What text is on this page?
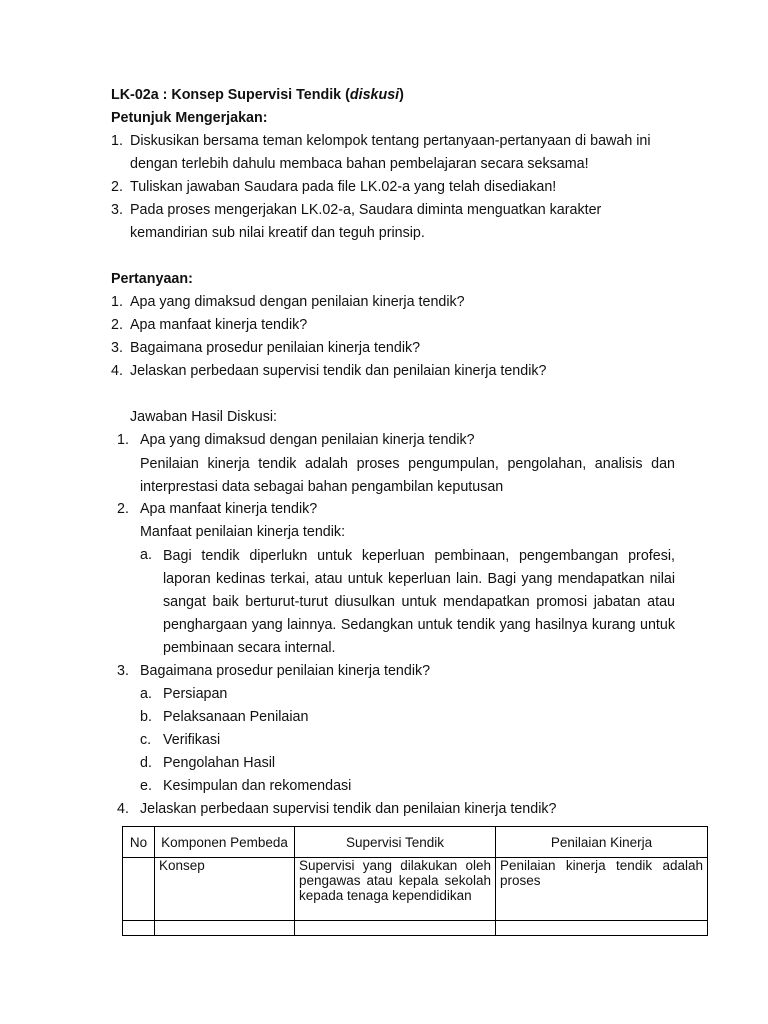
LK-02a : Konsep Supervisi Tendik (diskusi)
Petunjuk Mengerjakan:
1. Diskusikan bersama teman kelompok tentang pertanyaan-pertanyaan di bawah ini
dengan terlebih dahulu membaca bahan pembelajaran secara seksama!
2. Tuliskan jawaban Saudara pada file LK.02-a yang telah disediakan!
3. Pada proses mengerjakan LK.02-a, Saudara diminta menguatkan karakter
kemandirian sub nilai kreatif dan teguh prinsip.
Pertanyaan:
1. Apa yang dimaksud dengan penilaian kinerja tendik?
2. Apa manfaat kinerja tendik?
3. Bagaimana prosedur penilaian kinerja tendik?
4. Jelaskan perbedaan supervisi tendik dan penilaian kinerja tendik?
Jawaban Hasil Diskusi:
1. Apa yang dimaksud dengan penilaian kinerja tendik?
Penilaian kinerja tendik adalah proses pengumpulan, pengolahan, analisis dan interprestasi data sebagai bahan pengambilan keputusan
2. Apa manfaat kinerja tendik?
Manfaat penilaian kinerja tendik:
a. Bagi tendik diperlukn untuk keperluan pembinaan, pengembangan profesi, laporan kedinas terkai, atau untuk keperluan lain. Bagi yang mendapatkan nilai sangat baik berturut-turut diusulkan untuk mendapatkan promosi jabatan atau penghargaan yang lainnya. Sedangkan untuk tendik yang hasilnya kurang untuk pembinaan secara internal.
3. Bagaimana prosedur penilaian kinerja tendik?
a. Persiapan
b. Pelaksanaan Penilaian
c. Verifikasi
d. Pengolahan Hasil
e. Kesimpulan dan rekomendasi
4. Jelaskan perbedaan supervisi tendik dan penilaian kinerja tendik?
No	Komponen Pembeda	Supervisi Tendik	Penilaian Kinerja
	Konsep	Supervisi yang dilakukan oleh pengawas atau kepala sekolah kepada tenaga kependidikan	Penilaian kinerja tendik adalah proses
